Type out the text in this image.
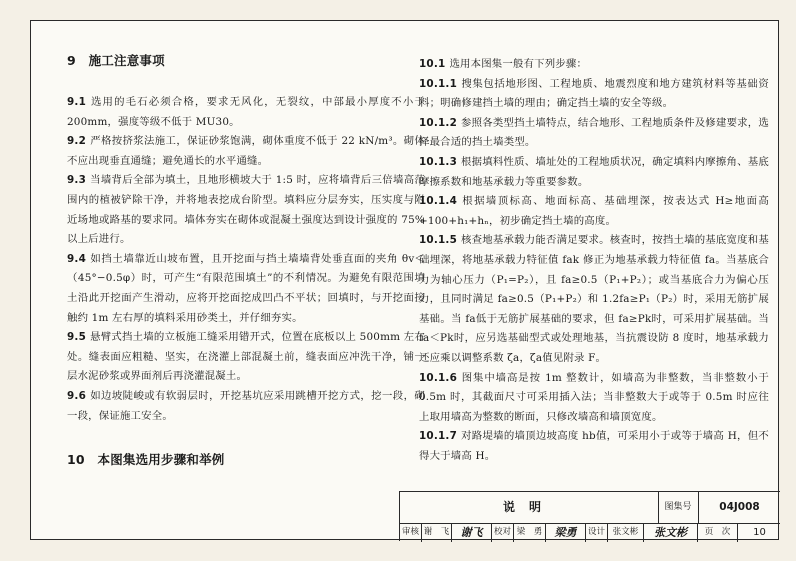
9　施工注意事项

9.1 选用的毛石必须合格，要求无风化，无裂纹，中部最小厚度不小于 200mm，强度等级不低于 MU30。

9.2 严格按挤浆法施工，保证砂浆饱满，砌体重度不低于 22 kN/m³。砌体不应出现垂直通缝；避免通长的水平通缝。

9.3 当墙背后全部为填土，且地形横坡大于 1:5 时，应将墙背后三倍墙高范围内的植被铲除干净，并将地表挖成台阶型。填料应分层夯实，压实度与附近场地或路基的要求同。墙体夯实在砌体或混凝土强度达到设计强度的 75%以上后进行。

9.4 如挡土墙靠近山坡布置，且开挖面与挡土墙墙背处垂直面的夹角 θv＜（45°−0.5φ）时，可产生“有限范围填土”的不利情况。为避免有限范围填土沿此开挖面产生滑动，应将开挖面挖成凹凸不平状；回填时，与开挖面接触约 1m 左右厚的填料采用砂类土，并仔细夯实。

9.5 悬臂式挡土墙的立板施工缝采用错开式，位置在底板以上 500mm 左右处。缝表面应粗糙、坚实，在浇灌上部混凝土前，缝表面应冲洗干净，铺一层水泥砂浆或界面剂后再浇灌混凝土。

9.6 如边坡陡峻或有软弱层时，开挖基坑应采用跳槽开挖方式，挖一段，砌一段，保证施工安全。

10　本图集选用步骤和举例

10.1 选用本图集一般有下列步骤：

10.1.1 搜集包括地形图、工程地质、地震烈度和地方建筑材料等基础资料；明确修建挡土墙的理由；确定挡土墙的安全等级。

10.1.2 参照各类型挡土墙特点，结合地形、工程地质条件及修建要求，选择最合适的挡土墙类型。

10.1.3 根据填料性质、墙址处的工程地质状况，确定填料内摩擦角、基底摩擦系数和地基承载力等重要参数。

10.1.4 根据墙顶标高、地面标高、基础埋深，按表达式 H≥地面高+100+h₁+hₙ，初步确定挡土墙的高度。

10.1.5 核查地基承载力能否满足要求。核查时，按挡土墙的基底宽度和基础埋深，将地基承载力特征值 fak 修正为地基承载力特征值 fa。当基底合力为轴心压力（P₁=P₂），且 fa≥0.5（P₁+P₂）；或当基底合力为偏心压力，且同时满足 fa≥0.5（P₁+P₂）和 1.2fa≥P₁（P₂）时，采用无筋扩展基础。当 fa低于无筋扩展基础的要求，但 fa≥Pk时，可采用扩展基础。当 fa＜Pk时，应另选基础型式或处理地基，当抗震设防 8 度时，地基承载力还应乘以调整系数 ζa，ζa值见附录 F。

10.1.6 图集中墙高是按 1m 整数计，如墙高为非整数，当非整数小于 0.5m 时，其截面尺寸可采用插入法；当非整数大于或等于 0.5m 时应往上取用墙高为整数的断面，只修改墙高和墙顶宽度。

10.1.7 对路堤墙的墙顶边坡高度 hb值，可采用小于或等于墙高 H，但不得大于墙高 H。

说明	图集号	04J008
审核 谢　飞	谢飞	校对 梁　勇	梁勇	设计 张文彬	张文彬	页　次	10
